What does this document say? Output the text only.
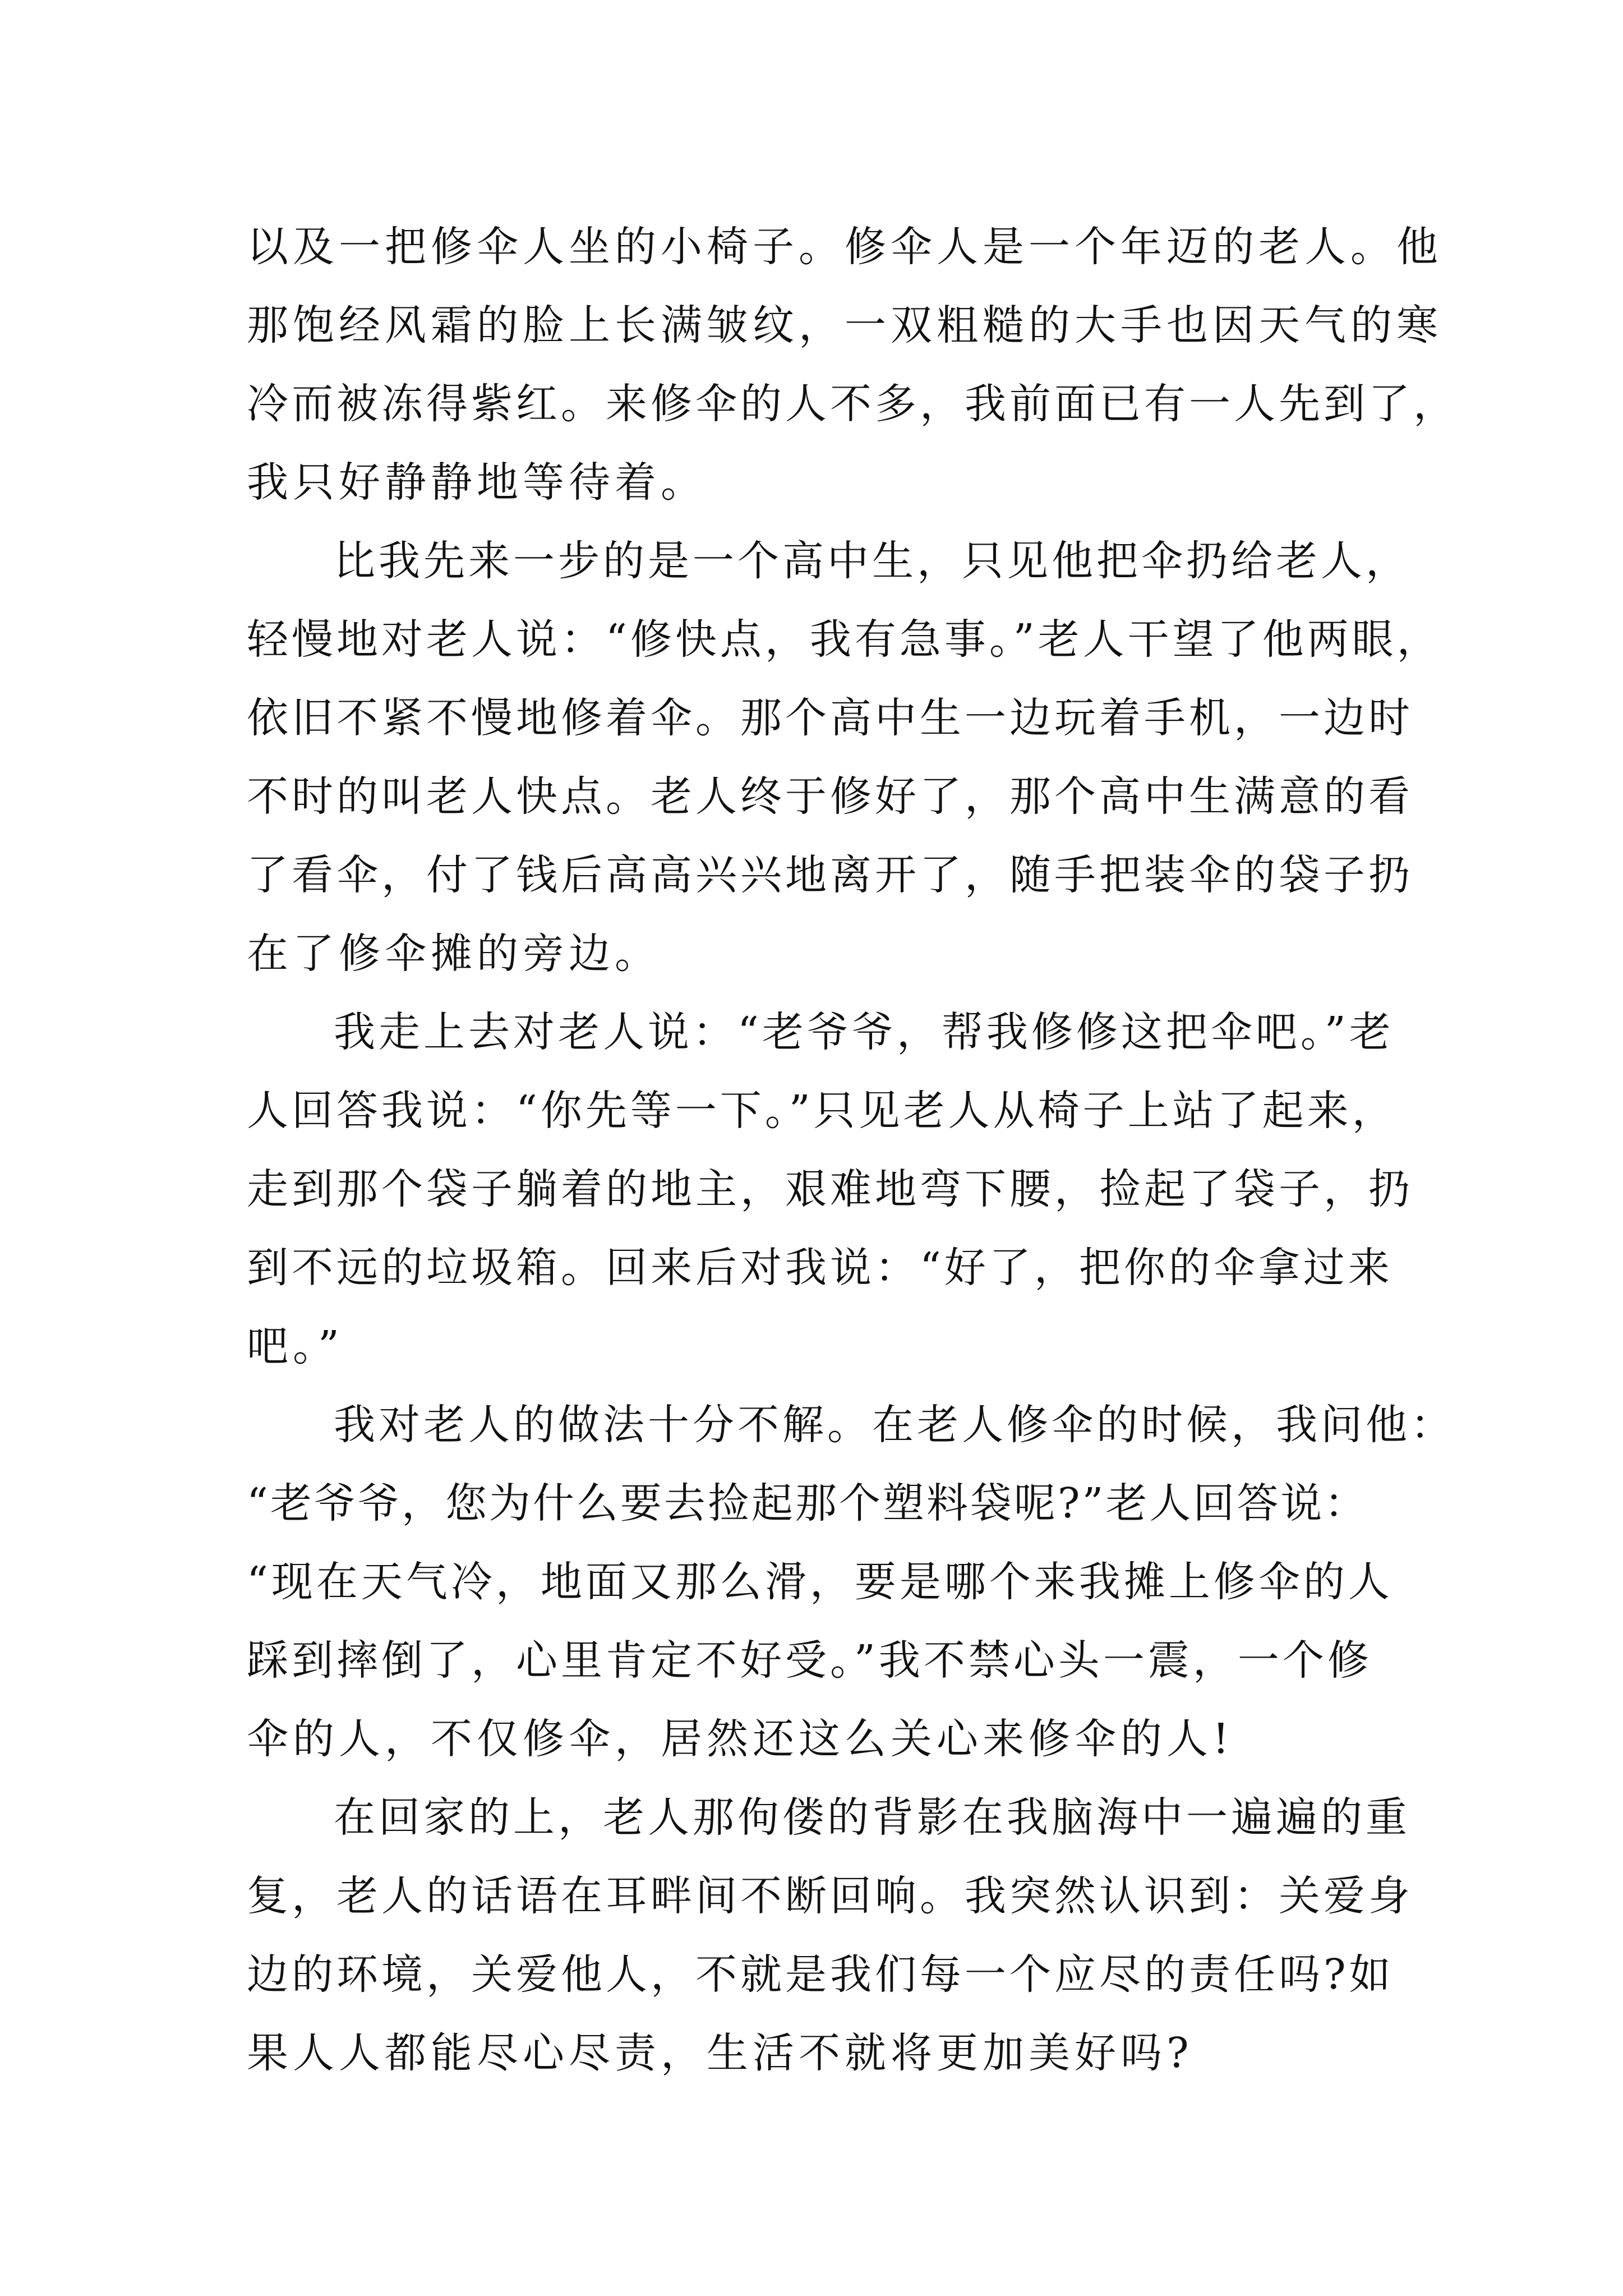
以及一把修伞人坐的小椅子。修伞人是一个年迈的老人。他
那饱经风霜的脸上长满皱纹，一双粗糙的大手也因天气的寒
冷而被冻得紫红。来修伞的人不多，我前面已有一人先到了，
我只好静静地等待着。
比我先来一步的是一个高中生，只见他把伞扔给老人，
轻慢地对老人说：“修快点，我有急事。”老人干望了他两眼，
依旧不紧不慢地修着伞。那个高中生一边玩着手机，一边时
不时的叫老人快点。老人终于修好了，那个高中生满意的看
了看伞，付了钱后高高兴兴地离开了，随手把装伞的袋子扔
在了修伞摊的旁边。
我走上去对老人说：“老爷爷，帮我修修这把伞吧。”老
人回答我说：“你先等一下。”只见老人从椅子上站了起来，
走到那个袋子躺着的地主，艰难地弯下腰，捡起了袋子，扔
到不远的垃圾箱。回来后对我说：“好了，把你的伞拿过来
吧。”
我对老人的做法十分不解。在老人修伞的时候，我问他：
“老爷爷，您为什么要去捡起那个塑料袋呢?”老人回答说：
“现在天气冷，地面又那么滑，要是哪个来我摊上修伞的人
踩到摔倒了，心里肯定不好受。”我不禁心头一震，一个修
伞的人，不仅修伞，居然还这么关心来修伞的人!
在回家的上，老人那佝偻的背影在我脑海中一遍遍的重
复，老人的话语在耳畔间不断回响。我突然认识到：关爱身
边的环境，关爱他人，不就是我们每一个应尽的责任吗?如
果人人都能尽心尽责，生活不就将更加美好吗?
